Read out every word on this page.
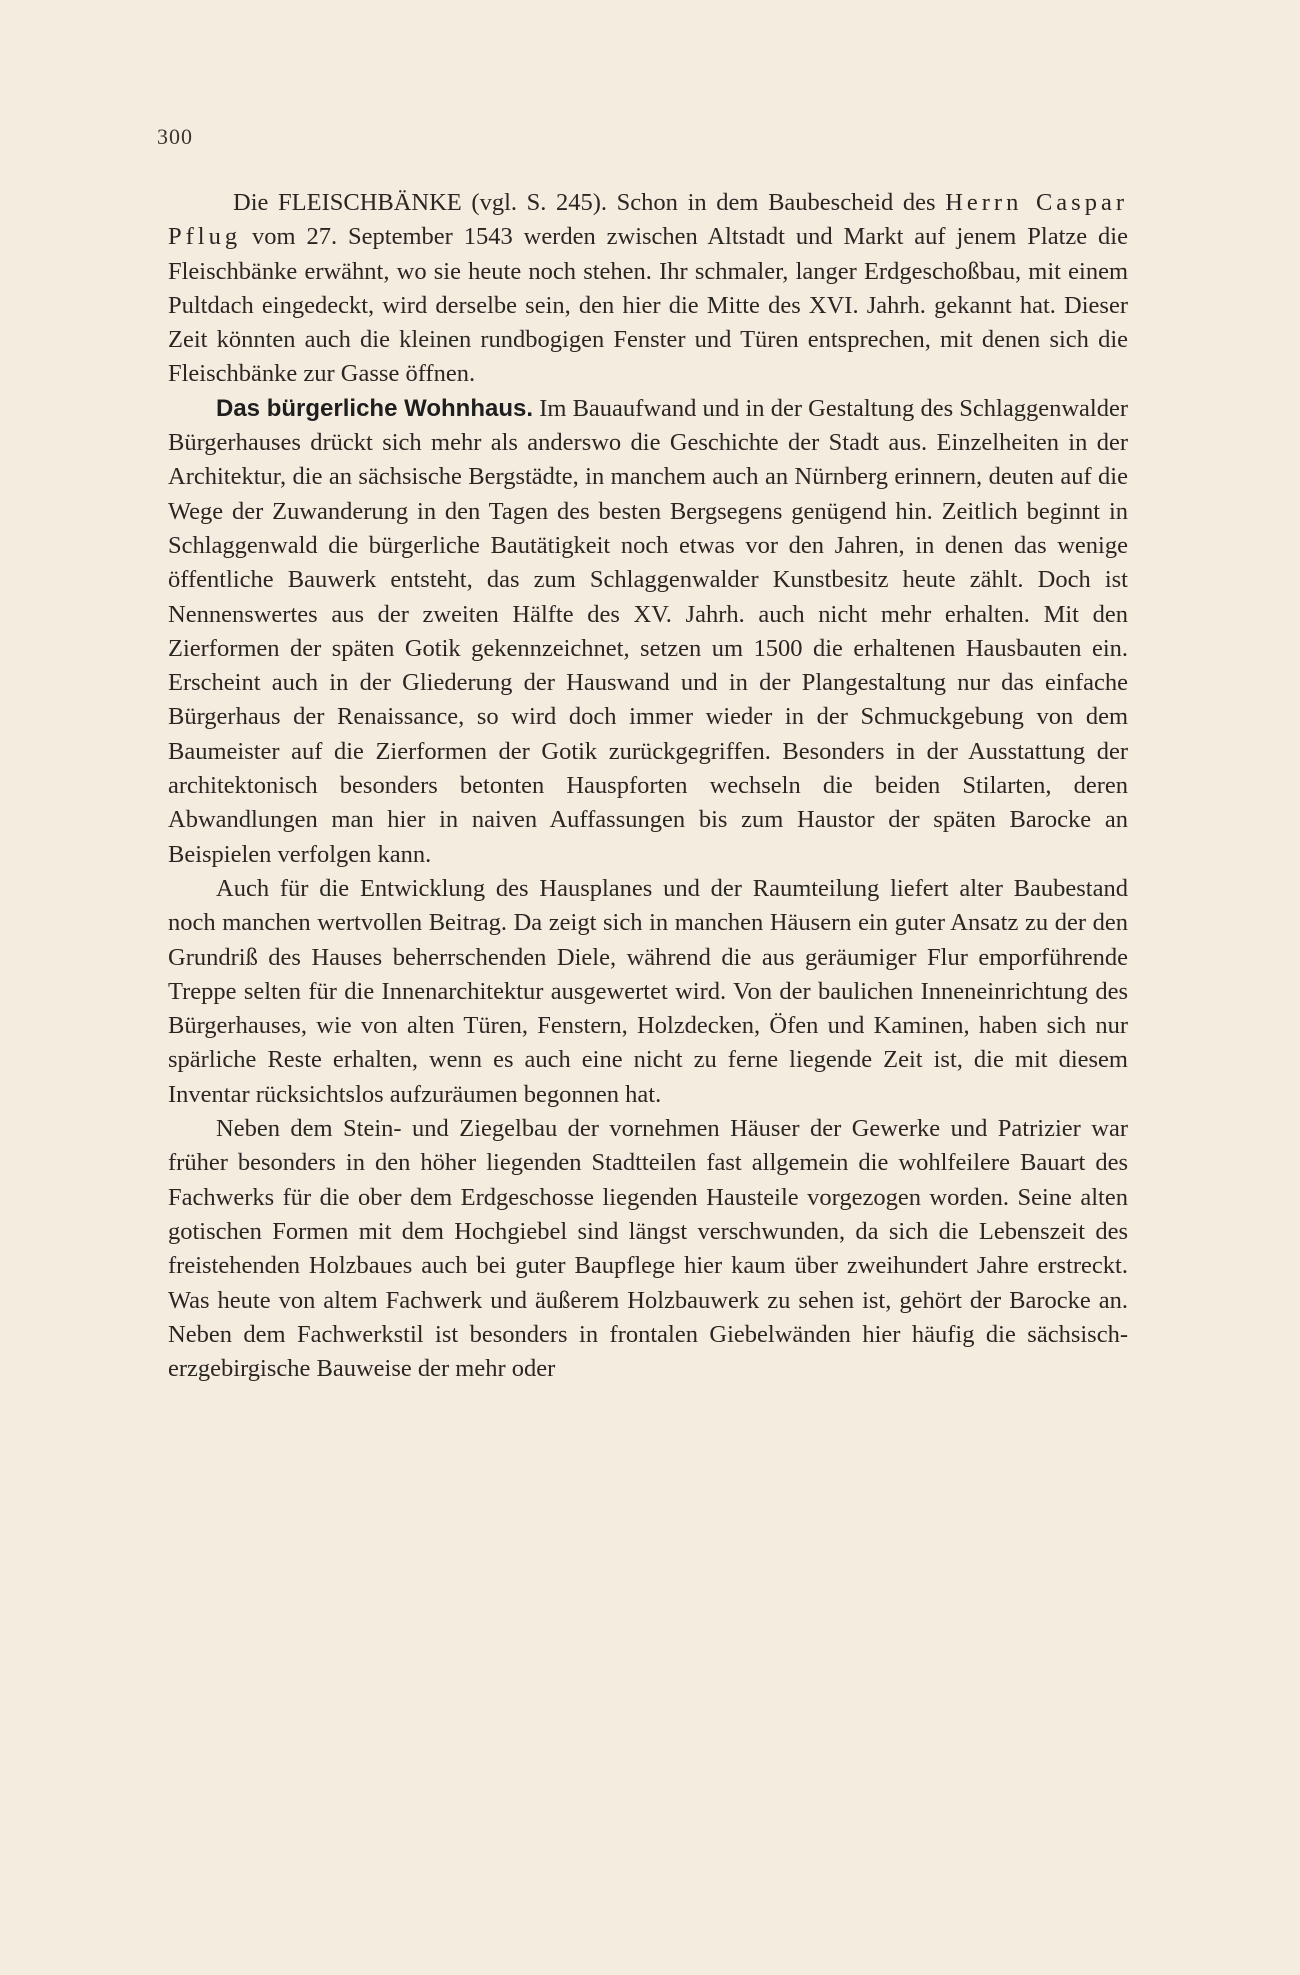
300

Die FLEISCHBÄNKE (vgl. S. 245). Schon in dem Baubescheid des Herrn Caspar Pflug vom 27. September 1543 werden zwischen Altstadt und Markt auf jenem Platze die Fleischbänke erwähnt, wo sie heute noch stehen. Ihr schmaler, langer Erdgeschoßbau, mit einem Pultdach eingedeckt, wird derselbe sein, den hier die Mitte des XVI. Jahrh. gekannt hat. Dieser Zeit könnten auch die kleinen rundbogigen Fenster und Türen entsprechen, mit denen sich die Fleischbänke zur Gasse öffnen.

Das bürgerliche Wohnhaus. Im Bauaufwand und in der Gestaltung des Schlaggenwalder Bürgerhauses drückt sich mehr als anderswo die Geschichte der Stadt aus. Einzelheiten in der Architektur, die an sächsische Bergstädte, in manchem auch an Nürnberg erinnern, deuten auf die Wege der Zuwanderung in den Tagen des besten Bergsegens genügend hin. Zeitlich beginnt in Schlaggenwald die bürgerliche Bautätigkeit noch etwas vor den Jahren, in denen das wenige öffentliche Bauwerk entsteht, das zum Schlaggenwalder Kunstbesitz heute zählt. Doch ist Nennenswertes aus der zweiten Hälfte des XV. Jahrh. auch nicht mehr erhalten. Mit den Zierformen der späten Gotik gekennzeichnet, setzen um 1500 die erhaltenen Hausbauten ein. Erscheint auch in der Gliederung der Hauswand und in der Plangestaltung nur das einfache Bürgerhaus der Renaissance, so wird doch immer wieder in der Schmuckgebung von dem Baumeister auf die Zierformen der Gotik zurückgegriffen. Besonders in der Ausstattung der architektonisch besonders betonten Hauspforten wechseln die beiden Stilarten, deren Abwandlungen man hier in naiven Auffassungen bis zum Haustor der späten Barocke an Beispielen verfolgen kann.

Auch für die Entwicklung des Hausplanes und der Raumteilung liefert alter Baubestand noch manchen wertvollen Beitrag. Da zeigt sich in manchen Häusern ein guter Ansatz zu der den Grundriß des Hauses beherrschenden Diele, während die aus geräumiger Flur emporführende Treppe selten für die Innenarchitektur ausgewertet wird. Von der baulichen Inneneinrichtung des Bürgerhauses, wie von alten Türen, Fenstern, Holzdecken, Öfen und Kaminen, haben sich nur spärliche Reste erhalten, wenn es auch eine nicht zu ferne liegende Zeit ist, die mit diesem Inventar rücksichtslos aufzuräumen begonnen hat.

Neben dem Stein- und Ziegelbau der vornehmen Häuser der Gewerke und Patrizier war früher besonders in den höher liegenden Stadtteilen fast allgemein die wohlfeilere Bauart des Fachwerks für die ober dem Erdgeschosse liegenden Hausteile vorgezogen worden. Seine alten gotischen Formen mit dem Hochgiebel sind längst verschwunden, da sich die Lebenszeit des freistehenden Holzbaues auch bei guter Baupflege hier kaum über zweihundert Jahre erstreckt. Was heute von altem Fachwerk und äußerem Holzbauwerk zu sehen ist, gehört der Barocke an. Neben dem Fachwerkstil ist besonders in frontalen Giebelwänden hier häufig die sächsisch-erzgebirgische Bauweise der mehr oder
